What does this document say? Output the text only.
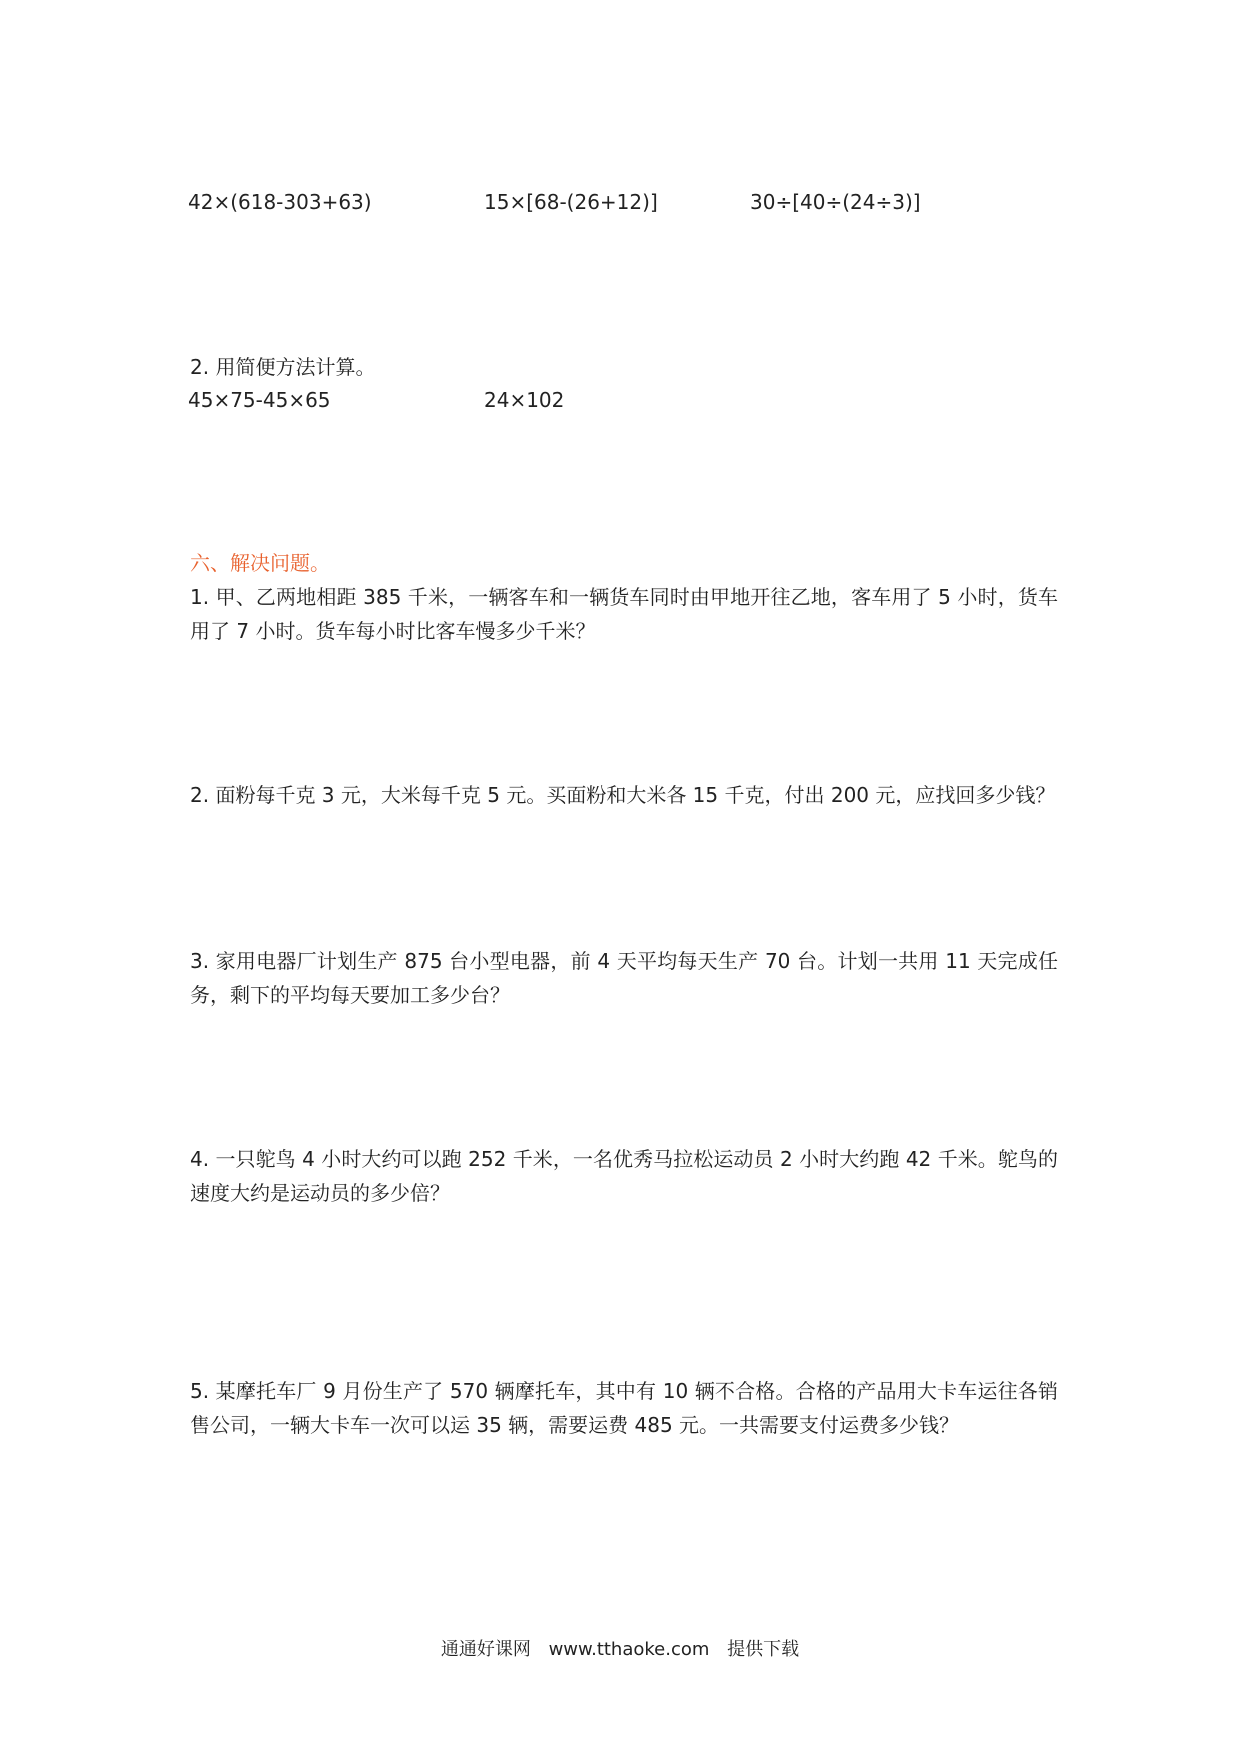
42×(618-303+63)	15×[68-(26+12)]	30÷[40÷(24÷3)]
2. 用简便方法计算。
45×75-45×65	24×102
六、解决问题。
1. 甲、乙两地相距 385 千米，一辆客车和一辆货车同时由甲地开往乙地，客车用了 5 小时，货车用了 7 小时。货车每小时比客车慢多少千米？
2. 面粉每千克 3 元，大米每千克 5 元。买面粉和大米各 15 千克，付出 200 元，应找回多少钱？
3. 家用电器厂计划生产 875 台小型电器，前 4 天平均每天生产 70 台。计划一共用 11 天完成任务，剩下的平均每天要加工多少台？
4. 一只鸵鸟 4 小时大约可以跑 252 千米，一名优秀马拉松运动员 2 小时大约跑 42 千米。鸵鸟的速度大约是运动员的多少倍？
5. 某摩托车厂 9 月份生产了 570 辆摩托车，其中有 10 辆不合格。合格的产品用大卡车运往各销售公司，一辆大卡车一次可以运 35 辆，需要运费 485 元。一共需要支付运费多少钱？
通通好课网 www.tthaoke.com 提供下载
